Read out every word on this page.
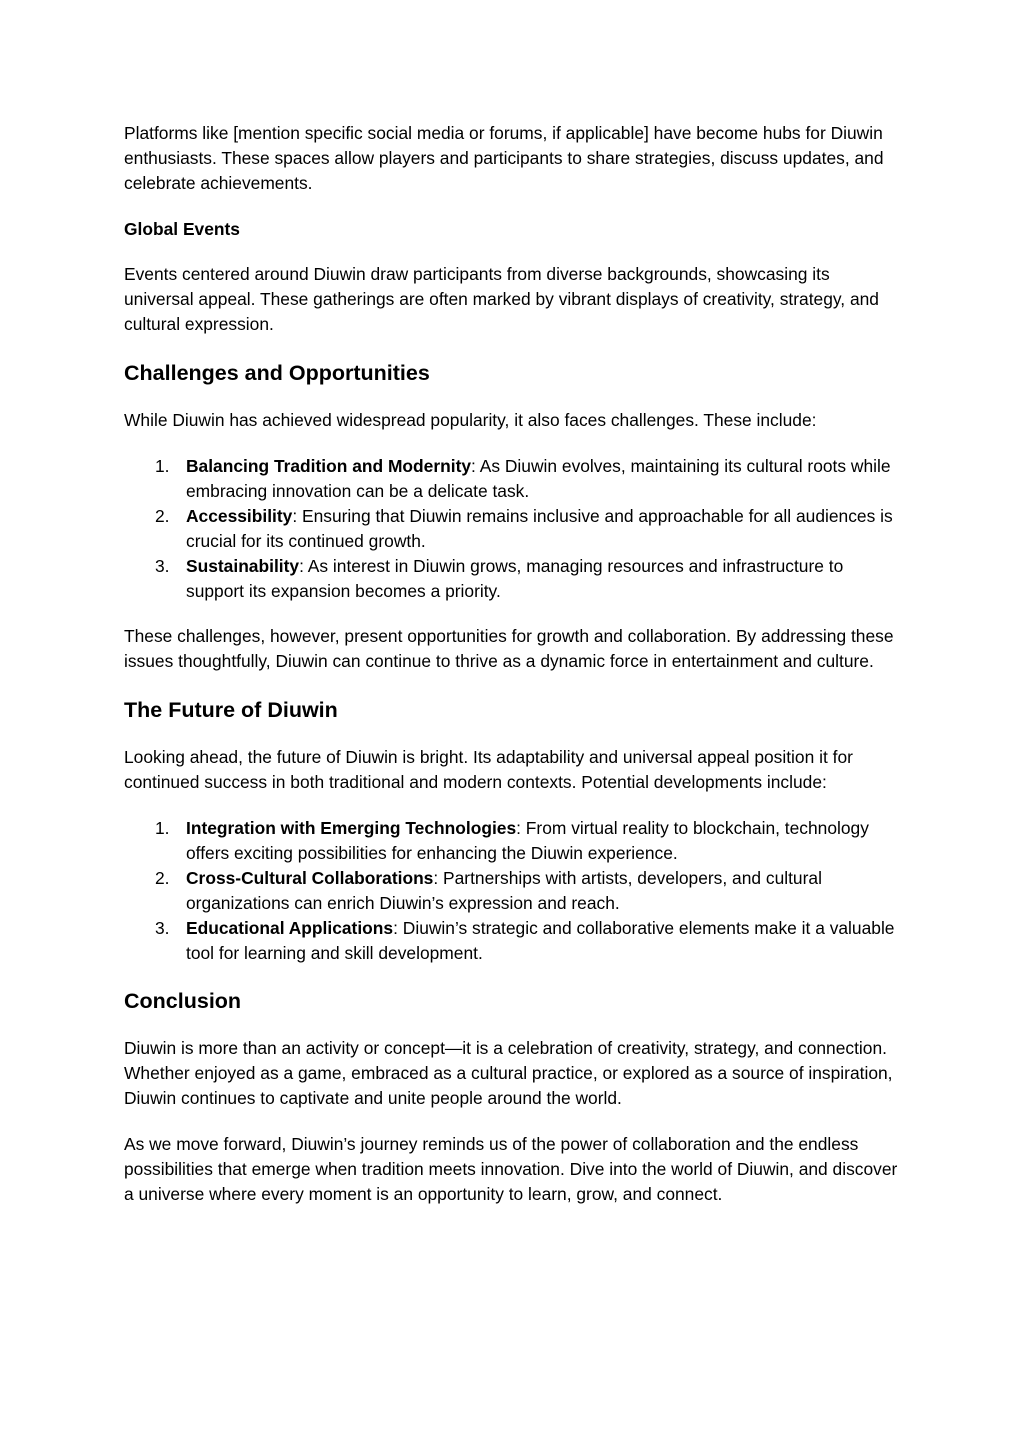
Platforms like [mention specific social media or forums, if applicable] have become hubs for Diuwin enthusiasts. These spaces allow players and participants to share strategies, discuss updates, and celebrate achievements.

Global Events

Events centered around Diuwin draw participants from diverse backgrounds, showcasing its universal appeal. These gatherings are often marked by vibrant displays of creativity, strategy, and cultural expression.

Challenges and Opportunities

While Diuwin has achieved widespread popularity, it also faces challenges. These include:

1. Balancing Tradition and Modernity: As Diuwin evolves, maintaining its cultural roots while embracing innovation can be a delicate task.
2. Accessibility: Ensuring that Diuwin remains inclusive and approachable for all audiences is crucial for its continued growth.
3. Sustainability: As interest in Diuwin grows, managing resources and infrastructure to support its expansion becomes a priority.

These challenges, however, present opportunities for growth and collaboration. By addressing these issues thoughtfully, Diuwin can continue to thrive as a dynamic force in entertainment and culture.

The Future of Diuwin

Looking ahead, the future of Diuwin is bright. Its adaptability and universal appeal position it for continued success in both traditional and modern contexts. Potential developments include:

1. Integration with Emerging Technologies: From virtual reality to blockchain, technology offers exciting possibilities for enhancing the Diuwin experience.
2. Cross-Cultural Collaborations: Partnerships with artists, developers, and cultural organizations can enrich Diuwin’s expression and reach.
3. Educational Applications: Diuwin’s strategic and collaborative elements make it a valuable tool for learning and skill development.
Conclusion

Diuwin is more than an activity or concept—it is a celebration of creativity, strategy, and connection. Whether enjoyed as a game, embraced as a cultural practice, or explored as a source of inspiration, Diuwin continues to captivate and unite people around the world.

As we move forward, Diuwin’s journey reminds us of the power of collaboration and the endless possibilities that emerge when tradition meets innovation. Dive into the world of Diuwin, and discover a universe where every moment is an opportunity to learn, grow, and connect.
